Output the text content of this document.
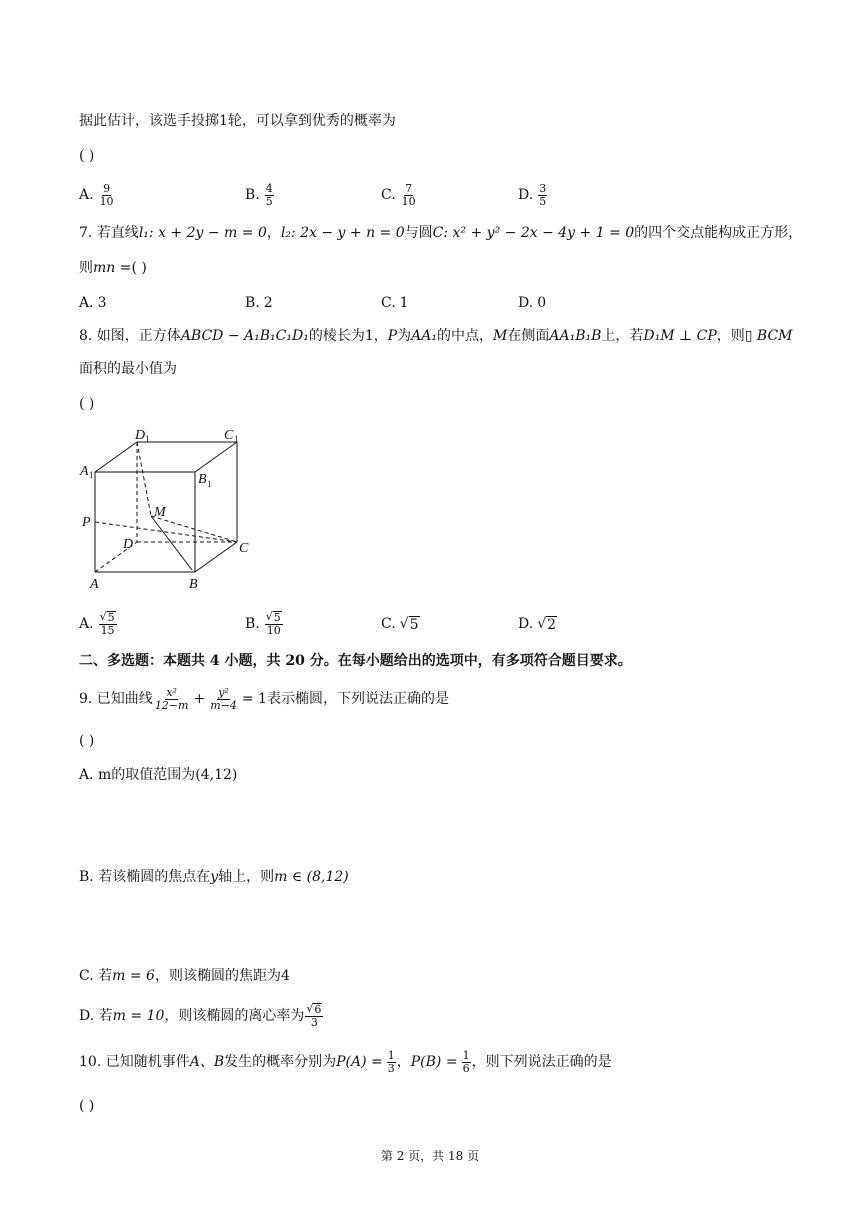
据此估计，该选手投掷1轮，可以拿到优秀的概率为
( )
A. $\frac{9}{10}$	B. $\frac{4}{5}$	C. $\frac{7}{10}$	D. $\frac{3}{5}$
7. 若直线l₁: x + 2y − m = 0，l₂: 2x − y + n = 0与圆C: x² + y² − 2x − 4y + 1 = 0的四个交点能构成正方形，
则mn =( )
A. 3	B. 2	C. 1	D. 0
8. 如图，正方体ABCD − A₁B₁C₁D₁的棱长为1，P为AA₁的中点，M在侧面AA₁B₁B上，若D₁M ⊥ CP，则▯ BCM
面积的最小值为
( )
D 1	C 1
A 1	B 1
P
M
D	C
A	B
A. $\frac{√ 5}{15}$	B. $\frac{√ 5}{10}$	C. √ 5	D. √ 2
二、多选题：本题共 4 小题，共 20 分。在每小题给出的选项中，有多项符合题目要求。
9. 已知曲线 $\frac{\text{x²}}{12-m} + \frac{\text{y²}}{m-4} = 1$ 表示椭圆，下列说法正确的是
( )
A. m的取值范围为(4,12)
B. 若该椭圆的焦点在y轴上，则m ∈ (8,12)
C. 若m = 6，则该椭圆的焦距为4
D. 若 m = 10 ，则该椭圆的离心率为 $\frac{√ 6}{3}$
10. 已知随机事件 A、B 发生的概率分别为 $P(A) = \frac{1}{3}$ ， $P(B) = \frac{1}{6}$ ，则下列说法正确的是
( )
第 2 页，共 18 页
